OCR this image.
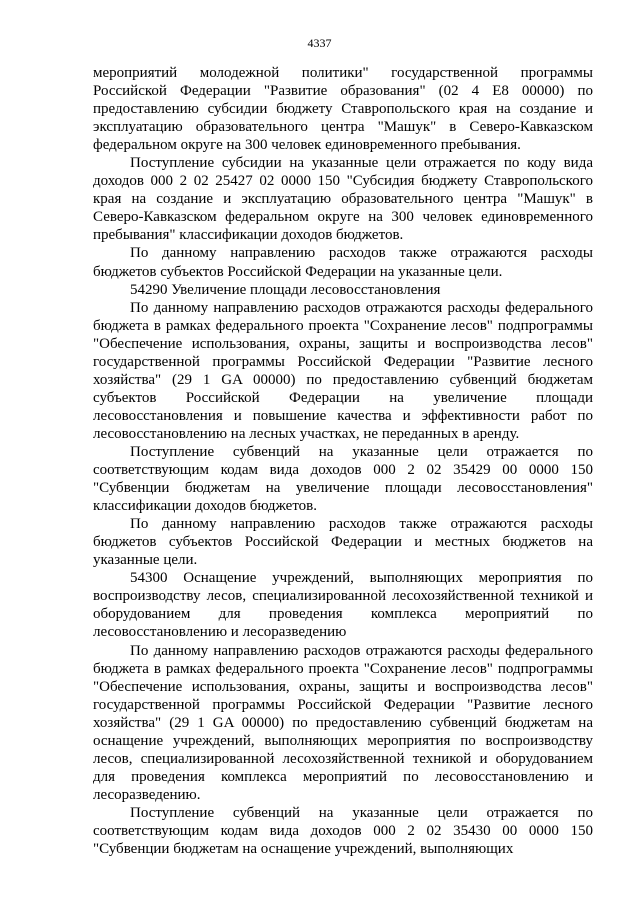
4337

мероприятий молодежной политики" государственной программы Российской Федерации "Развитие образования" (02 4 E8 00000) по предоставлению субсидии бюджету Ставропольского края на создание и эксплуатацию образовательного центра "Машук" в Северо-Кавказском федеральном округе на 300 человек единовременного пребывания.

Поступление субсидии на указанные цели отражается по коду вида доходов 000 2 02 25427 02 0000 150 "Субсидия бюджету Ставропольского края на создание и эксплуатацию образовательного центра "Машук" в Северо-Кавказском федеральном округе на 300 человек единовременного пребывания" классификации доходов бюджетов.

По данному направлению расходов также отражаются расходы бюджетов субъектов Российской Федерации на указанные цели.

54290 Увеличение площади лесовосстановления

По данному направлению расходов отражаются расходы федерального бюджета в рамках федерального проекта "Сохранение лесов" подпрограммы "Обеспечение использования, охраны, защиты и воспроизводства лесов" государственной программы Российской Федерации "Развитие лесного хозяйства" (29 1 GA 00000) по предоставлению субвенций бюджетам субъектов Российской Федерации на увеличение площади лесовосстановления и повышение качества и эффективности работ по лесовосстановлению на лесных участках, не переданных в аренду.

Поступление субвенций на указанные цели отражается по соответствующим кодам вида доходов 000 2 02 35429 00 0000 150 "Субвенции бюджетам на увеличение площади лесовосстановления" классификации доходов бюджетов.

По данному направлению расходов также отражаются расходы бюджетов субъектов Российской Федерации и местных бюджетов на указанные цели.

54300 Оснащение учреждений, выполняющих мероприятия по воспроизводству лесов, специализированной лесохозяйственной техникой и оборудованием для проведения комплекса мероприятий по лесовосстановлению и лесоразведению

По данному направлению расходов отражаются расходы федерального бюджета в рамках федерального проекта "Сохранение лесов" подпрограммы "Обеспечение использования, охраны, защиты и воспроизводства лесов" государственной программы Российской Федерации "Развитие лесного хозяйства" (29 1 GA 00000) по предоставлению субвенций бюджетам на оснащение учреждений, выполняющих мероприятия по воспроизводству лесов, специализированной лесохозяйственной техникой и оборудованием для проведения комплекса мероприятий по лесовосстановлению и лесоразведению.

Поступление субвенций на указанные цели отражается по соответствующим кодам вида доходов 000 2 02 35430 00 0000 150 "Субвенции бюджетам на оснащение учреждений, выполняющих
